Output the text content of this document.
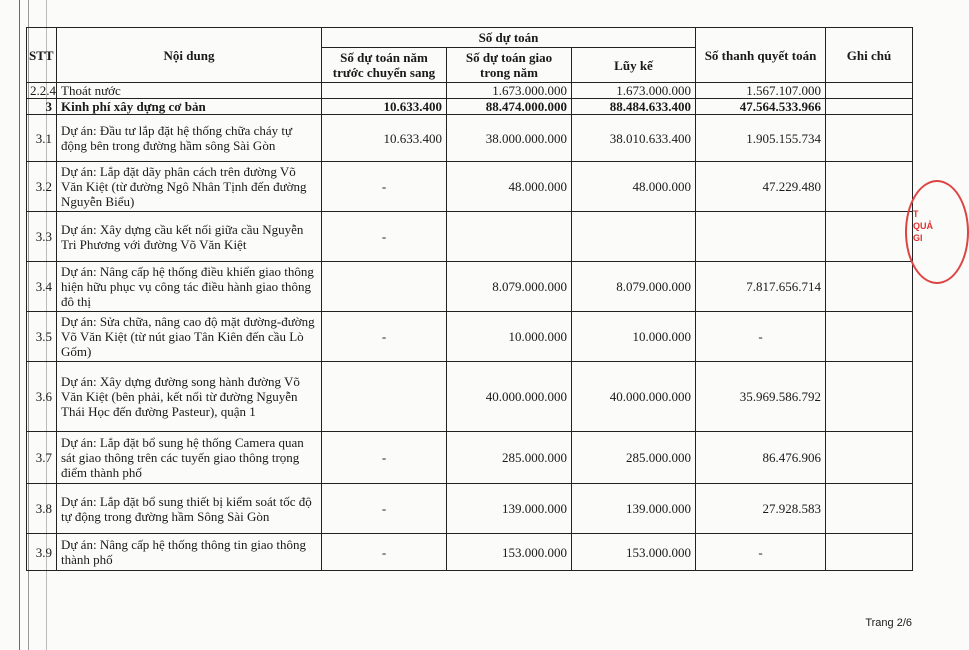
STT	Nội dung	Số dự toán			Số thanh quyết toán	Ghi chú
		Số dự toán năm trước chuyển sang	Số dự toán giao trong năm	Lũy kế		
2.2.4	Thoát nước		1.673.000.000	1.673.000.000	1.567.107.000	
3	Kinh phí xây dựng cơ bản	10.633.400	88.474.000.000	88.484.633.400	47.564.533.966	
3.1	Dự án: Đầu tư lắp đặt hệ thống chữa cháy tự động bên trong đường hầm sông Sài Gòn	10.633.400	38.000.000.000	38.010.633.400	1.905.155.734	
3.2	Dự án: Lắp đặt dãy phân cách trên đường Võ Văn Kiệt (từ đường Ngô Nhân Tịnh đến đường Nguyễn Biểu)	-	48.000.000	48.000.000	47.229.480	
3.3	Dự án: Xây dựng cầu kết nối giữa cầu Nguyễn Tri Phương với đường Võ Văn Kiệt	-				
3.4	Dự án: Nâng cấp hệ thống điều khiển giao thông hiện hữu phục vụ công tác điều hành giao thông đô thị		8.079.000.000	8.079.000.000	7.817.656.714	
3.5	Dự án: Sửa chữa, nâng cao độ mặt đường-đường Võ Văn Kiệt (từ nút giao Tân Kiên đến cầu Lò Gốm)	-	10.000.000	10.000.000	-	
3.6	Dự án: Xây dựng đường song hành đường Võ Văn Kiệt (bên phải, kết nối từ đường Nguyễn Thái Học đến đường Pasteur), quận 1		40.000.000.000	40.000.000.000	35.969.586.792	
3.7	Dự án: Lắp đặt bổ sung hệ thống Camera quan sát giao thông trên các tuyến giao thông trọng điểm thành phố	-	285.000.000	285.000.000	86.476.906	
3.8	Dự án: Lắp đặt bổ sung thiết bị kiểm soát tốc độ tự động trong đường hầm Sông Sài Gòn	-	139.000.000	139.000.000	27.928.583	
3.9	Dự án: Nâng cấp hệ thống thông tin giao thông thành phố	-	153.000.000	153.000.000	-	
T
QUẢ
GI
Trang 2/6
